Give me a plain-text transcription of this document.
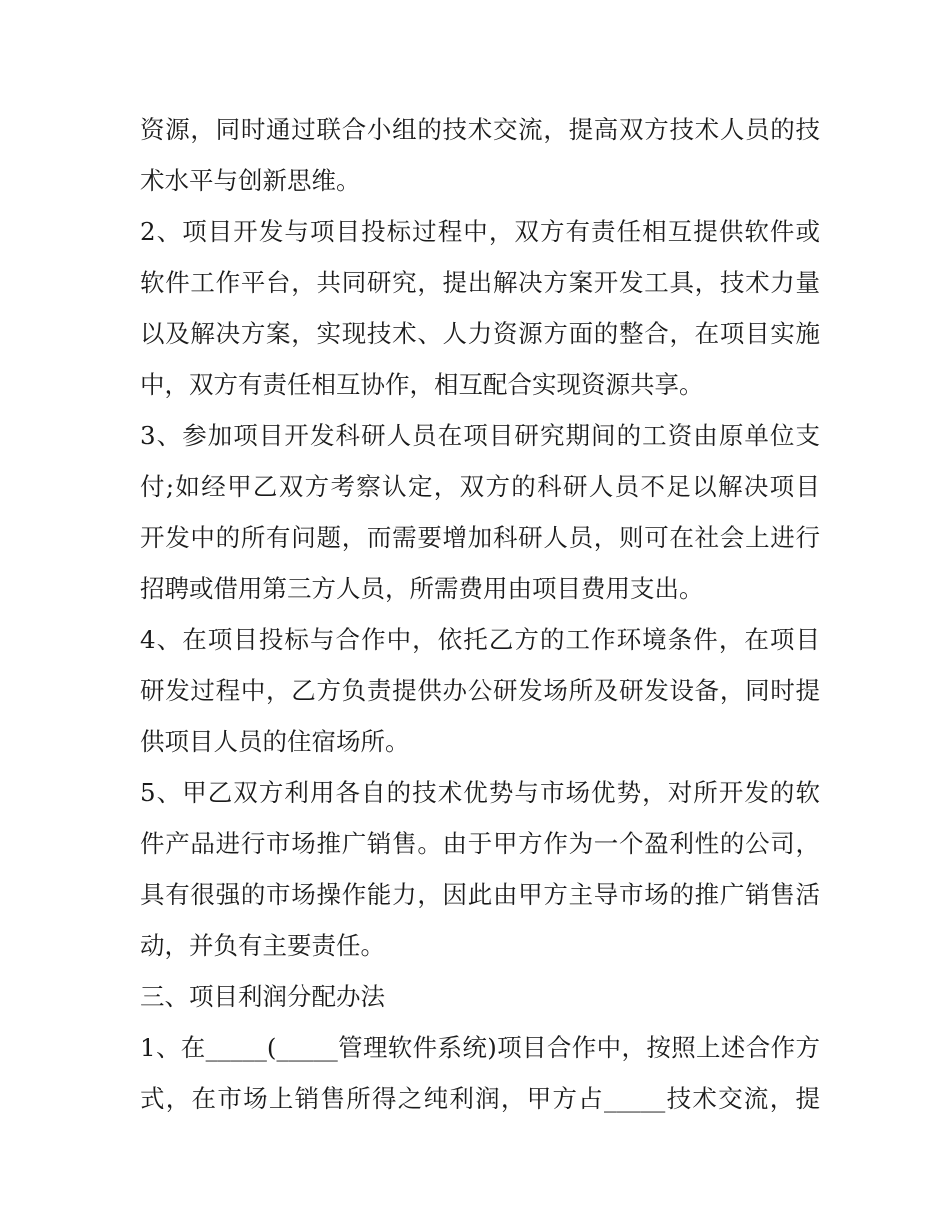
资源，同时通过联合小组的技术交流，提高双方技术人员的技
术水平与创新思维。
2、项目开发与项目投标过程中，双方有责任相互提供软件或
软件工作平台，共同研究，提出解决方案开发工具，技术力量
以及解决方案，实现技术、人力资源方面的整合，在项目实施
中，双方有责任相互协作，相互配合实现资源共享。
3、参加项目开发科研人员在项目研究期间的工资由原单位支
付;如经甲乙双方考察认定，双方的科研人员不足以解决项目
开发中的所有问题，而需要增加科研人员，则可在社会上进行
招聘或借用第三方人员，所需费用由项目费用支出。
4、在项目投标与合作中，依托乙方的工作环境条件，在项目
研发过程中，乙方负责提供办公研发场所及研发设备，同时提
供项目人员的住宿场所。
5、甲乙双方利用各自的技术优势与市场优势，对所开发的软
件产品进行市场推广销售。由于甲方作为一个盈利性的公司，
具有很强的市场操作能力，因此由甲方主导市场的推广销售活
动，并负有主要责任。
三、项目利润分配办法
1、在_____(_____管理软件系统)项目合作中，按照上述合作方
式，在市场上销售所得之纯利润，甲方占_____技术交流，提
